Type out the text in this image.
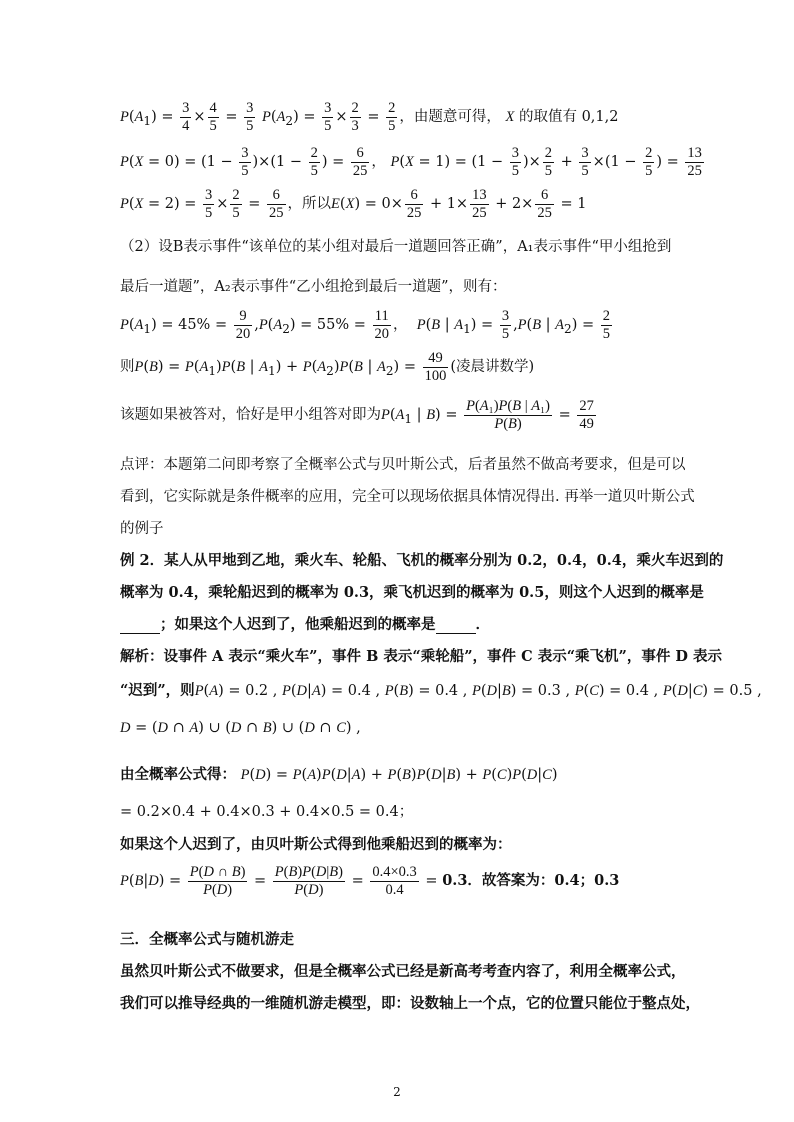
$P(A_1) = \frac{3}{4} \times \frac{4}{5} = \frac{3}{5} P(A_2) = \frac{3}{5} \times \frac{2}{3} = \frac{2}{5}$ ，由题意可得， X 的取值有 0,1,2
$P(X = 0) = (1 - \frac{3}{5} )\times(1 - \frac{2}{5}$ ) = $\frac{6}{25}$ ， $P(X = 1) = (1 - \frac{3}{5}$ )× $\frac{2}{5} + \frac{3}{5} \times(1 - \frac{2}{5}$ ) = $\frac{13}{25}$
$P(X = 2) = \frac{3}{5} \times \frac{2}{5} = \frac{6}{25}$ ，所以$E(X) = 0\times \frac{6}{25} + 1\times \frac{13}{25} + 2\times \frac{6}{25} = 1$
（2）设B表示事件“该单位的某小组对最后一道题回答正确”，A₁表示事件“甲小组抢到
最后一道题”，A₂表示事件“乙小组抢到最后一道题”，则有：
$P(A_1) = 45\% = \frac{9}{20} ,P(A_2) = 55\% = \frac{11}{20}$ ，  P(B | $A_1) = \frac{3}{5} ,P(B$ | $A_2) = \frac{2}{5}$
则$P(B) = P(A_1)P(B$ | $A_1) + P(A_2)P(B$ | $A_2) = \frac{49}{100}$ (凌晨讲数学)
该题如果被答对，恰好是甲小组答对即为$P(A_1$ | $B) = \frac{\text{P(A₁)P(B | A₁)}}{P(B)} = \frac{27}{49}$
点评：本题第二问即考察了全概率公式与贝叶斯公式，后者虽然不做高考要求，但是可以
看到，它实际就是条件概率的应用，完全可以现场依据具体情况得出. 再举一道贝叶斯公式
的例子
例 2．某人从甲地到乙地，乘火车、轮船、飞机的概率分别为 0.2，0.4，0.4，乘火车迟到的
概率为 0.4，乘轮船迟到的概率为 0.3，乘飞机迟到的概率为 0.5，则这个人迟到的概率是
；如果这个人迟到了，他乘船迟到的概率是	．
解析：设事件 A 表示“乘火车”，事件 B 表示“乘轮船”，事件 C 表示“乘飞机”，事件 D 表示
“迟到”，则P(A) = 0.2 , P(D|A) = 0.4 , P(B) = 0.4 , P(D|B) = 0.3 , P(C) = 0.4 , P(D|C) = 0.5 ,
D = (D ∩ A) ∪ (D ∩ B) ∪ (D ∩ C) ,
由全概率公式得： P(D) = P(A)P(D|A) + P(B)P(D|B) + P(C)P(D|C)
= 0.2×0.4 + 0.4×0.3 + 0.4×0.5 = 0.4；
如果这个人迟到了，由贝叶斯公式得到他乘船迟到的概率为：
$P(B|D) = \frac{P(D \cap B)}{P(D)} = \frac{P(B)P(D|B)}{P(D)} = \frac{0.4\times 0.3}{0.4} = 0.3$．故答案为：0.4；0.3
三．全概率公式与随机游走
虽然贝叶斯公式不做要求，但是全概率公式已经是新高考考查内容了，利用全概率公式，
我们可以推导经典的一维随机游走模型，即：设数轴上一个点，它的位置只能位于整点处，
2
